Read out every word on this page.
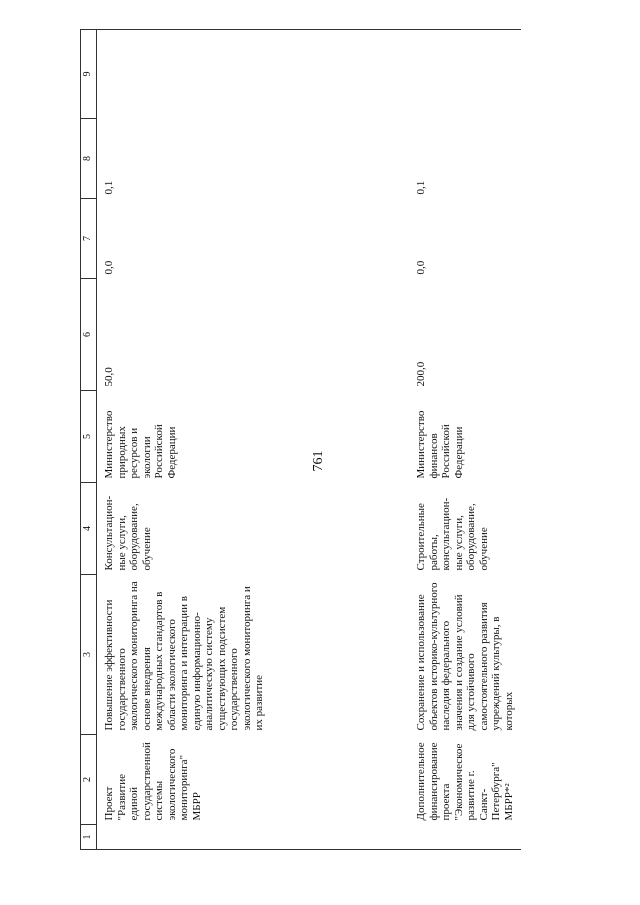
761
1	2	3	4	5	6	7	8	9
	Проект "Развитие единой государственной системы экологического мониторинга" МБРР	Повышение эффективности государственного экологического мониторинга на основе внедрения международных стандартов в области экологического мониторинга и интеграции в единую информационно-аналитическую систему существующих подсистем государственного экологического мониторинга и их развитие	Консультацион-ные услуги, оборудование, обучение	Министерство природных ресурсов и экологии Российской Федерации	50,0	0,0	0,1	
	Дополнительное финансирование проекта "Экономическое развитие г. Санкт-Петербурга" МБРР*²	Сохранение и использование объектов историко-культурного наследия федерального значения и создание условий для устойчивого самостоятельного развития учреждений культуры, в которых	Строительные работы, консультацион-ные услуги, оборудование, обучение	Министерство финансов Российской Федерации	200,0	0,0	0,1	
